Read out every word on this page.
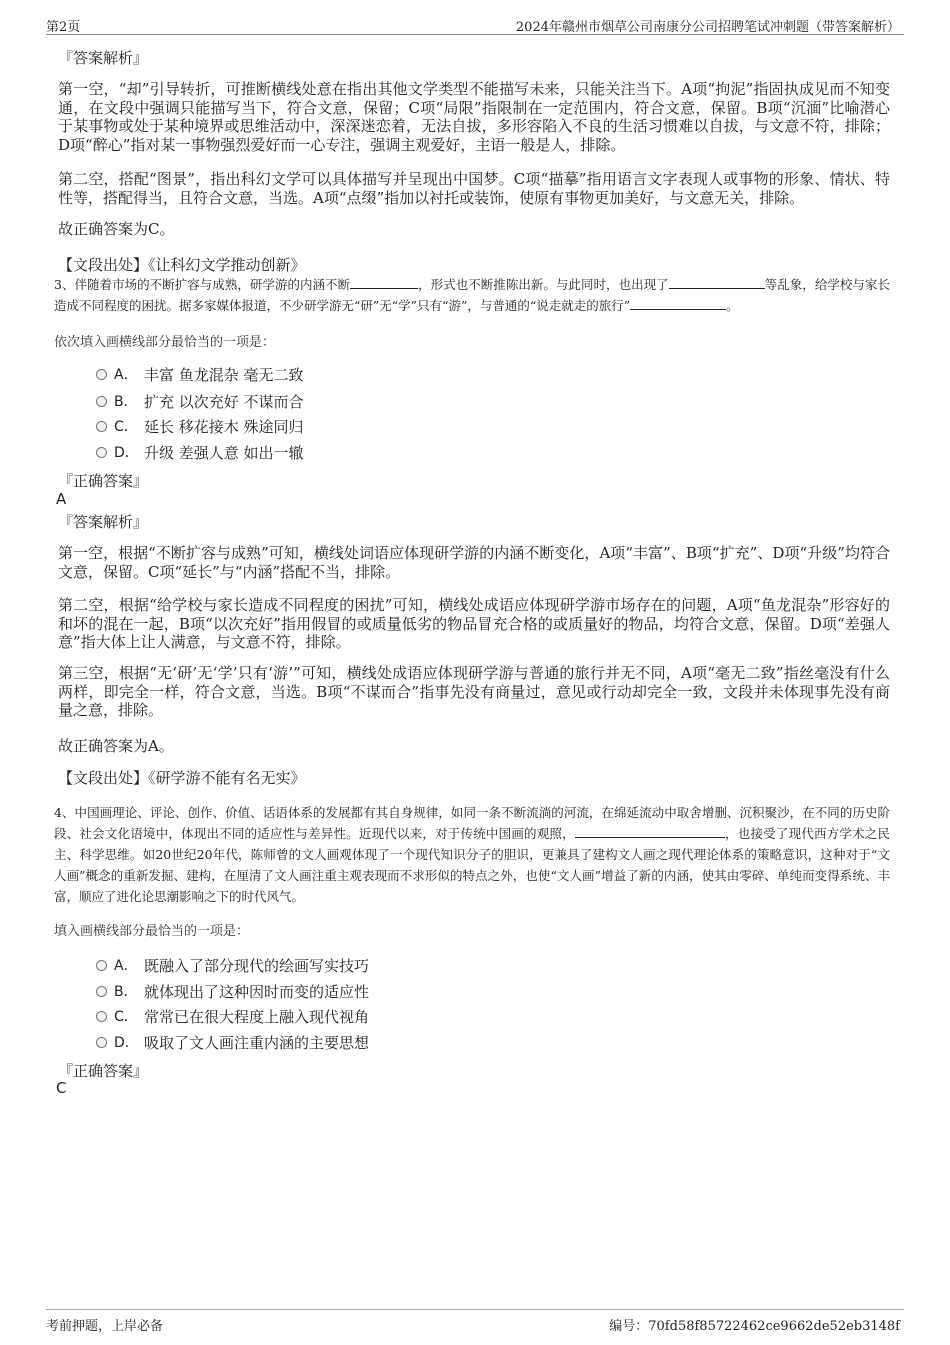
第2页	2024年赣州市烟草公司南康分公司招聘笔试冲刺题（带答案解析）
『答案解析』
第一空，“却”引导转折，可推断横线处意在指出其他文学类型不能描写未来，只能关注当下。A项“拘泥”指固执成见而不知变通，在文段中强调只能描写当下，符合文意，保留；C项“局限”指限制在一定范围内，符合文意，保留。B项“沉湎”比喻潜心于某事物或处于某种境界或思维活动中，深深迷恋着，无法自拔，多形容陷入不良的生活习惯难以自拔，与文意不符，排除；D项“醉心”指对某一事物强烈爱好而一心专注，强调主观爱好，主语一般是人，排除。
第二空，搭配“图景”，指出科幻文学可以具体描写并呈现出中国梦。C项“描摹”指用语言文字表现人或事物的形象、情状、特性等，搭配得当，且符合文意，当选。A项“点缀”指加以衬托或装饰，使原有事物更加美好，与文意无关，排除。
故正确答案为C。
【文段出处】《让科幻文学推动创新》
3、伴随着市场的不断扩容与成熟，研学游的内涵不断	，形式也不断推陈出新。与此同时，也出现了	等乱象，给学校与家长造成不同程度的困扰。据多家媒体报道，不少研学游无“研”无“学”只有“游”，与普通的“说走就走的旅行”	。
依次填入画横线部分最恰当的一项是：
A． 丰富 鱼龙混杂 毫无二致
B． 扩充 以次充好 不谋而合
C． 延长 移花接木 殊途同归
D． 升级 差强人意 如出一辙
『正确答案』
A
『答案解析』
第一空，根据“不断扩容与成熟”可知，横线处词语应体现研学游的内涵不断变化，A项“丰富”、B项“扩充”、D项“升级”均符合文意，保留。C项“延长”与“内涵”搭配不当，排除。
第二空，根据“给学校与家长造成不同程度的困扰”可知，横线处成语应体现研学游市场存在的问题，A项“鱼龙混杂”形容好的和坏的混在一起，B项“以次充好”指用假冒的或质量低劣的物品冒充合格的或质量好的物品，均符合文意，保留。D项“差强人意”指大体上让人满意，与文意不符，排除。
第三空，根据“无‘研’无‘学’只有‘游’”可知，横线处成语应体现研学游与普通的旅行并无不同，A项“毫无二致”指丝毫没有什么两样，即完全一样，符合文意，当选。B项“不谋而合”指事先没有商量过，意见或行动却完全一致，文段并未体现事先没有商量之意，排除。
故正确答案为A。
【文段出处】《研学游不能有名无实》
4、中国画理论、评论、创作、价值、话语体系的发展都有其自身规律，如同一条不断流淌的河流，在绵延流动中取舍增删、沉积聚沙，在不同的历史阶段、社会文化语境中，体现出不同的适应性与差异性。近现代以来，对于传统中国画的观照，	，也接受了现代西方学术之民主、科学思维。如20世纪20年代，陈师曾的文人画观体现了一个现代知识分子的胆识，更兼具了建构文人画之现代理论体系的策略意识，这种对于“文人画”概念的重新发掘、建构，在厘清了文人画注重主观表现而不求形似的特点之外，也使“文人画”增益了新的内涵，使其由零碎、单纯而变得系统、丰富，顺应了进化论思潮影响之下的时代风气。
填入画横线部分最恰当的一项是：
A． 既融入了部分现代的绘画写实技巧
B． 就体现出了这种因时而变的适应性
C． 常常已在很大程度上融入现代视角
D． 吸取了文人画注重内涵的主要思想
『正确答案』
C
考前押题，上岸必备	编号：70fd58f85722462ce9662de52eb3148f
